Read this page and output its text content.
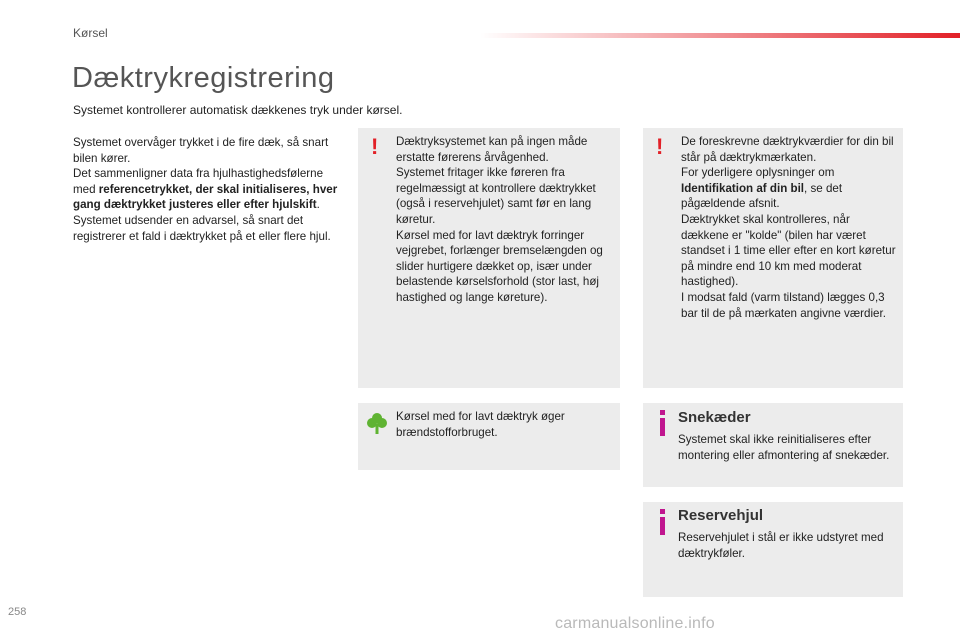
Kørsel
Dæktrykregistrering
Systemet kontrollerer automatisk dækkenes tryk under kørsel.
Systemet overvåger trykket i de fire dæk, så snart bilen kører.
Det sammenligner data fra hjulhastighedsfølerne med referencetrykket, der skal initialiseres, hver gang dæktrykket justeres eller efter hjulskift.
Systemet udsender en advarsel, så snart det registrerer et fald i dæktrykket på et eller flere hjul.
! Dæktryksystemet kan på ingen måde erstatte førerens årvågenhed.
Systemet fritager ikke føreren fra regelmæssigt at kontrollere dæktrykket (også i reservehjulet) samt før en lang køretur.
Kørsel med for lavt dæktryk forringer vejgrebet, forlænger bremselængden og slider hurtigere dækket op, især under belastende kørselsforhold (stor last, høj hastighed og lange køreture).
! De foreskrevne dæktrykværdier for din bil står på dæktrykmærkaten.
For yderligere oplysninger om Identifikation af din bil, se det pågældende afsnit.
Dæktrykket skal kontrolleres, når dækkene er "kolde" (bilen har været standset i 1 time eller efter en kort køretur på mindre end 10 km med moderat hastighed).
I modsat fald (varm tilstand) lægges 0,3 bar til de på mærkaten angivne værdier.
Kørsel med for lavt dæktryk øger brændstofforbruget.
Snekæder
Systemet skal ikke reinitialiseres efter montering eller afmontering af snekæder.
Reservehjul
Reservehjulet i stål er ikke udstyret med dæktrykføler.
258
carmanualsonline.info
